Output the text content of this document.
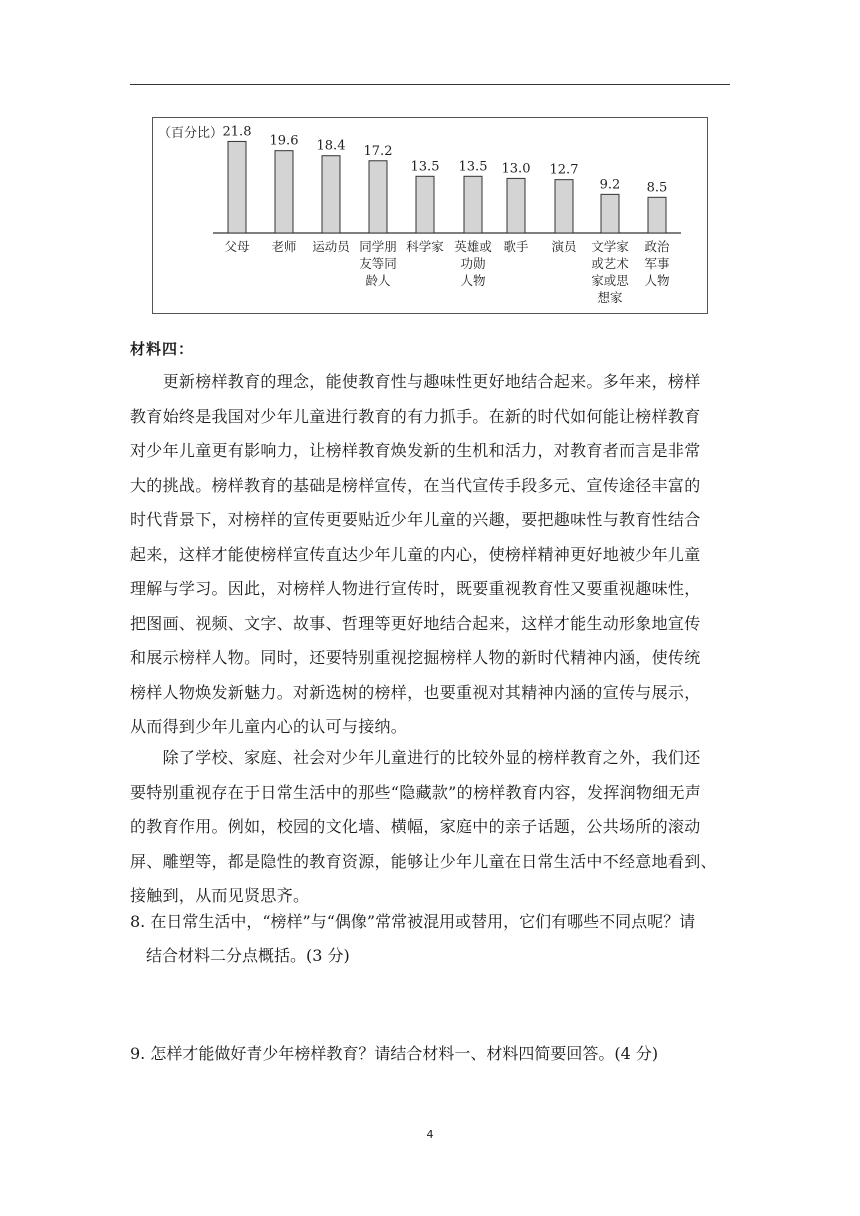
（百分比） 21.8
父母
19.6
老师
18.4
运动员
17.2
同学朋
友等同
龄人
13.5
科学家
13.5
英雄或
功勋
人物
13.0
歌手
12.7
演员
9.2
文学家
或艺术
家或思
想家
8.5
政治
军事
人物
材料四：
　　更新榜样教育的理念，能使教育性与趣味性更好地结合起来。多年来，榜样
教育始终是我国对少年儿童进行教育的有力抓手。在新的时代如何能让榜样教育
对少年儿童更有影响力，让榜样教育焕发新的生机和活力，对教育者而言是非常
大的挑战。榜样教育的基础是榜样宣传，在当代宣传手段多元、宣传途径丰富的
时代背景下，对榜样的宣传更要贴近少年儿童的兴趣，要把趣味性与教育性结合
起来，这样才能使榜样宣传直达少年儿童的内心，使榜样精神更好地被少年儿童
理解与学习。因此，对榜样人物进行宣传时，既要重视教育性又要重视趣味性，
把图画、视频、文字、故事、哲理等更好地结合起来，这样才能生动形象地宣传
和展示榜样人物。同时，还要特别重视挖掘榜样人物的新时代精神内涵，使传统
榜样人物焕发新魅力。对新选树的榜样，也要重视对其精神内涵的宣传与展示，
从而得到少年儿童内心的认可与接纳。
　　除了学校、家庭、社会对少年儿童进行的比较外显的榜样教育之外，我们还
要特别重视存在于日常生活中的那些“隐藏款”的榜样教育内容，发挥润物细无声
的教育作用。例如，校园的文化墙、横幅，家庭中的亲子话题，公共场所的滚动
屏、雕塑等，都是隐性的教育资源，能够让少年儿童在日常生活中不经意地看到、
接触到，从而见贤思齐。
8. 在日常生活中，“榜样”与“偶像”常常被混用或替用，它们有哪些不同点呢？请
　结合材料二分点概括。(3 分)
9. 怎样才能做好青少年榜样教育？请结合材料一、材料四简要回答。(4 分)
4
